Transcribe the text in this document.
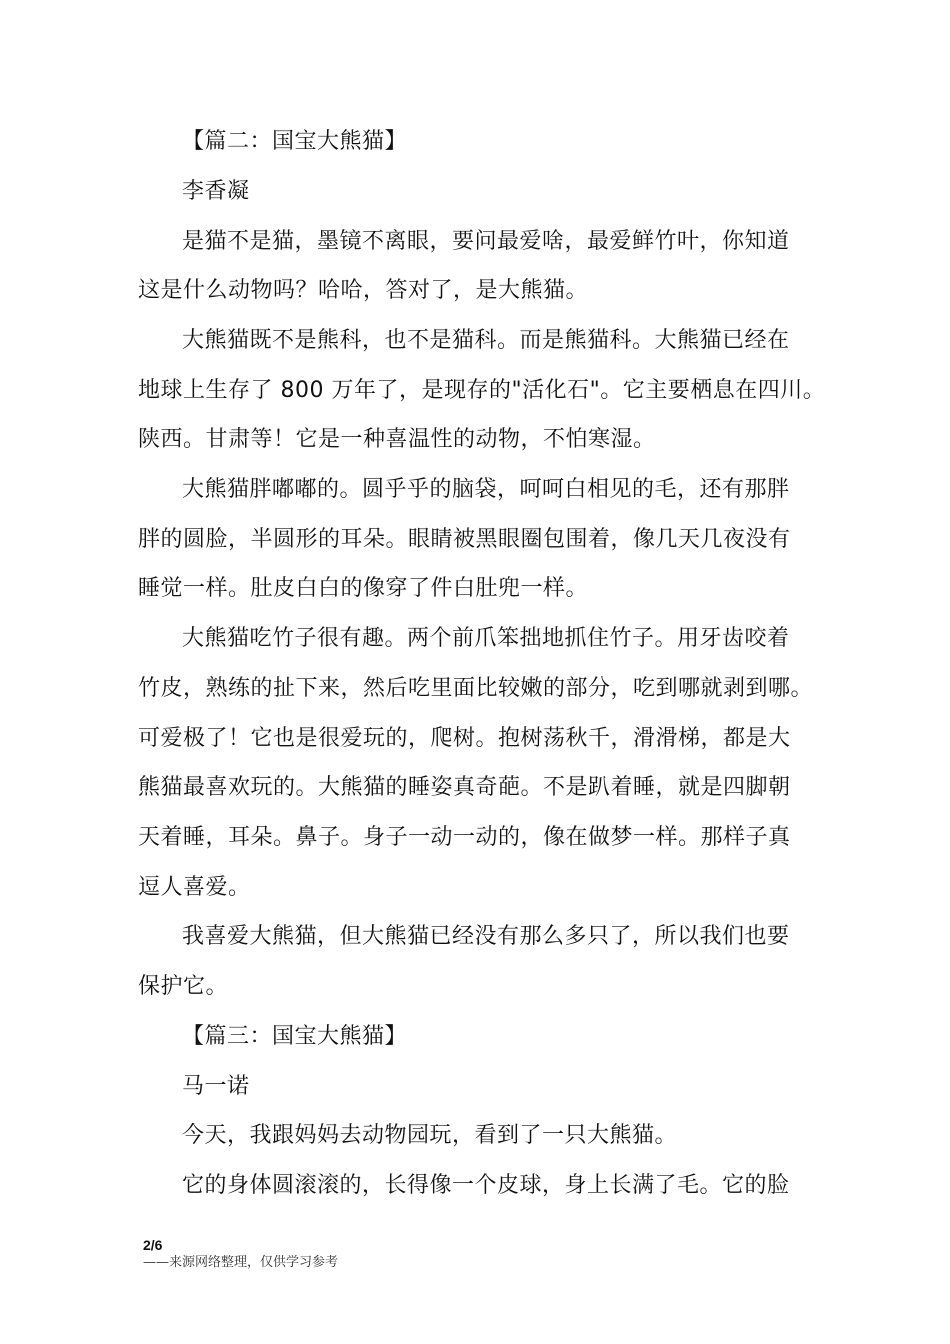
【篇二：国宝大熊猫】
李香凝
是猫不是猫，墨镜不离眼，要问最爱啥，最爱鲜竹叶，你知道
这是什么动物吗？哈哈，答对了，是大熊猫。
大熊猫既不是熊科，也不是猫科。而是熊猫科。大熊猫已经在
地球上生存了 800 万年了，是现存的"活化石"。它主要栖息在四川。
陕西。甘肃等！它是一种喜温性的动物，不怕寒湿。
大熊猫胖嘟嘟的。圆乎乎的脑袋，呵呵白相见的毛，还有那胖
胖的圆脸，半圆形的耳朵。眼睛被黑眼圈包围着，像几天几夜没有
睡觉一样。肚皮白白的像穿了件白肚兜一样。
大熊猫吃竹子很有趣。两个前爪笨拙地抓住竹子。用牙齿咬着
竹皮，熟练的扯下来，然后吃里面比较嫩的部分，吃到哪就剥到哪。
可爱极了！它也是很爱玩的，爬树。抱树荡秋千，滑滑梯，都是大
熊猫最喜欢玩的。大熊猫的睡姿真奇葩。不是趴着睡，就是四脚朝
天着睡，耳朵。鼻子。身子一动一动的，像在做梦一样。那样子真
逗人喜爱。
我喜爱大熊猫，但大熊猫已经没有那么多只了，所以我们也要
保护它。
【篇三：国宝大熊猫】
马一诺
今天，我跟妈妈去动物园玩，看到了一只大熊猫。
它的身体圆滚滚的，长得像一个皮球，身上长满了毛。它的脸
2/6
——来源网络整理，仅供学习参考
